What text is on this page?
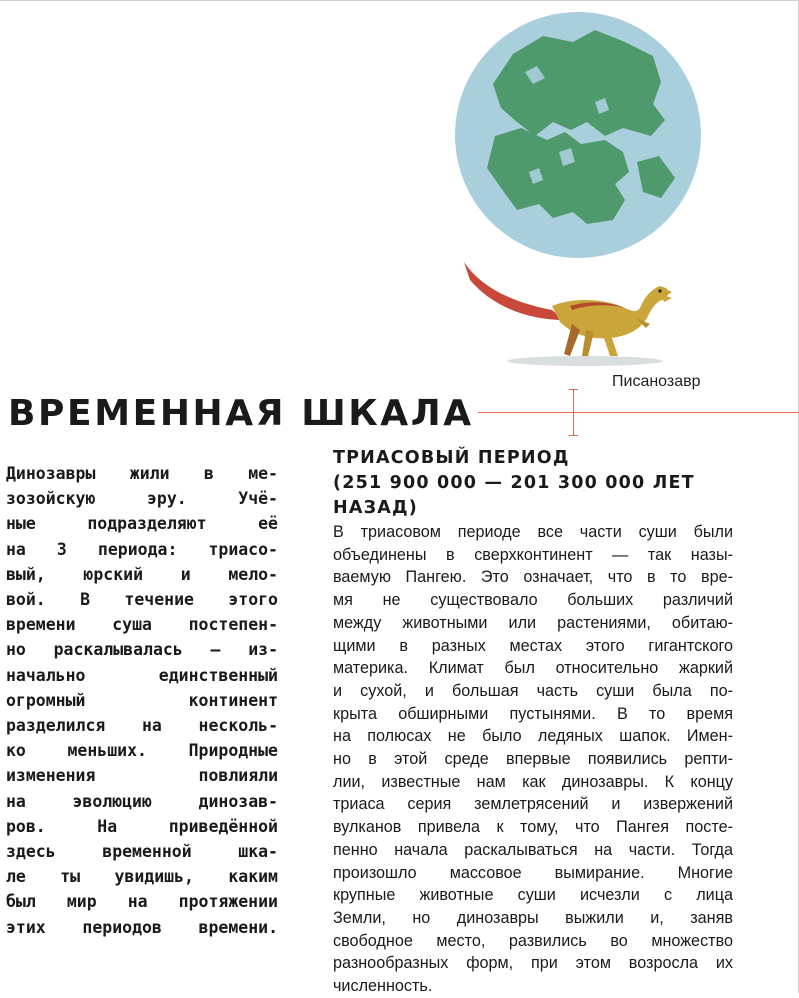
Писанозавр
ВРЕМЕННАЯ ШКАЛА
Динозавры жили в ме-
зозойскую эру. Учё-
ные подразделяют её
на 3 периода: триасо-
вый, юрский и мело-
вой. В течение этого
времени суша постепен-
но раскалывалась — из-
начально единственный
огромный континент
разделился на несколь-
ко меньших. Природные
изменения повлияли
на эволюцию динозав-
ров. На приведённой
здесь временной шка-
ле ты увидишь, каким
был мир на протяжении
этих периодов времени.
ТРИАСОВЫЙ ПЕРИОД
(251 900 000 — 201 300 000 ЛЕТ
НАЗАД)
В триасовом периоде все части суши были
объединены в сверхконтинент — так назы-
ваемую Пангею. Это означает, что в то вре-
мя не существовало больших различий
между животными или растениями, обитаю-
щими в разных местах этого гигантского
материка. Климат был относительно жаркий
и сухой, и большая часть суши была по-
крыта обширными пустынями. В то время
на полюсах не было ледяных шапок. Имен-
но в этой среде впервые появились репти-
лии, известные нам как динозавры. К концу
триаса серия землетрясений и извержений
вулканов привела к тому, что Пангея посте-
пенно начала раскалываться на части. Тогда
произошло массовое вымирание. Многие
крупные животные суши исчезли с лица
Земли, но динозавры выжили и, заняв
свободное место, развились во множество
разнообразных форм, при этом возросла их
численность.
